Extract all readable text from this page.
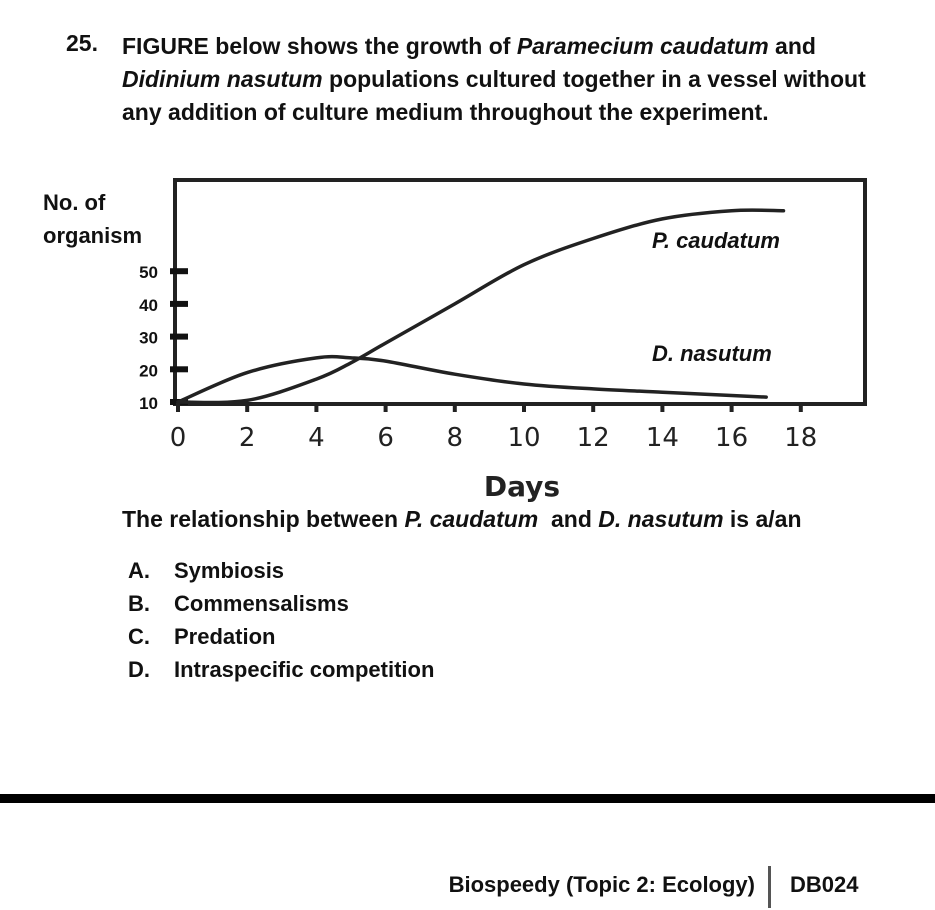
25. FIGURE below shows the growth of Paramecium caudatum and Didinium nasutum populations cultured together in a vessel without any addition of culture medium throughout the experiment.
No. of organism
10
20
30
40
50
0 2 4 6 8 10 12 14 16 18
P. caudatum
D. nasutum
Days
The relationship between P. caudatum  and D. nasutum is a/an
A.	Symbiosis
B.	Commensalisms
C.	Predation
D.	Intraspecific competition
Biospeedy (Topic 2: Ecology) DB024
